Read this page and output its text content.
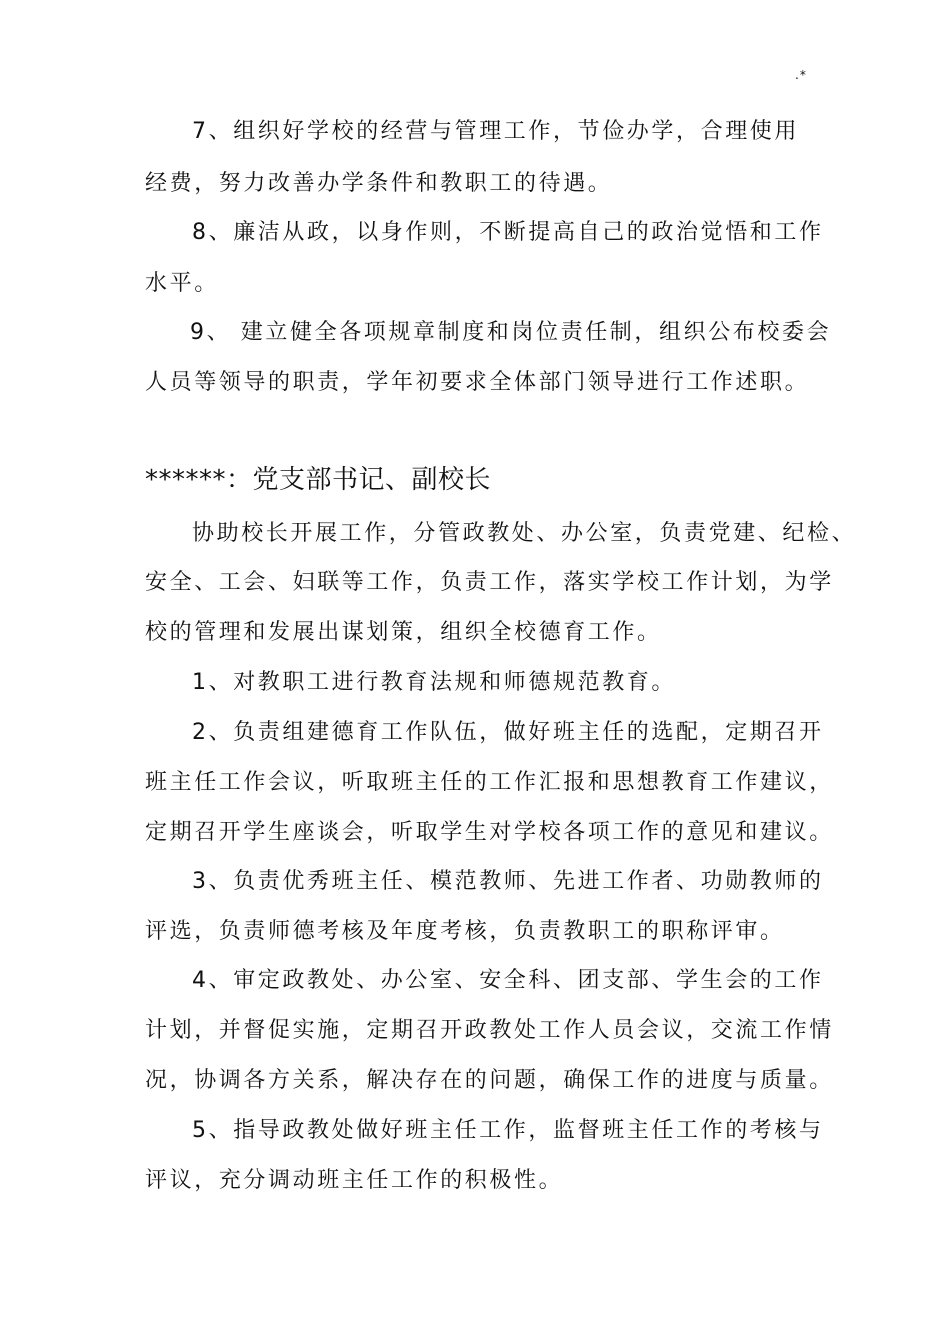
.*
7、组织好学校的经营与管理工作，节俭办学，合理使用
经费，努力改善办学条件和教职工的待遇。
8、廉洁从政，以身作则，不断提高自己的政治觉悟和工作
水平。
9、 建立健全各项规章制度和岗位责任制，组织公布校委会
人员等领导的职责，学年初要求全体部门领导进行工作述职。
******：党支部书记、副校长
协助校长开展工作，分管政教处、办公室，负责党建、纪检、
安全、工会、妇联等工作，负责工作，落实学校工作计划，为学
校的管理和发展出谋划策，组织全校德育工作。
1、对教职工进行教育法规和师德规范教育。
2、负责组建德育工作队伍，做好班主任的选配，定期召开
班主任工作会议，听取班主任的工作汇报和思想教育工作建议，
定期召开学生座谈会，听取学生对学校各项工作的意见和建议。
3、负责优秀班主任、模范教师、先进工作者、功勋教师的
评选，负责师德考核及年度考核，负责教职工的职称评审。
4、审定政教处、办公室、安全科、团支部、学生会的工作
计划，并督促实施，定期召开政教处工作人员会议，交流工作情
况，协调各方关系，解决存在的问题，确保工作的进度与质量。
5、指导政教处做好班主任工作，监督班主任工作的考核与
评议，充分调动班主任工作的积极性。
